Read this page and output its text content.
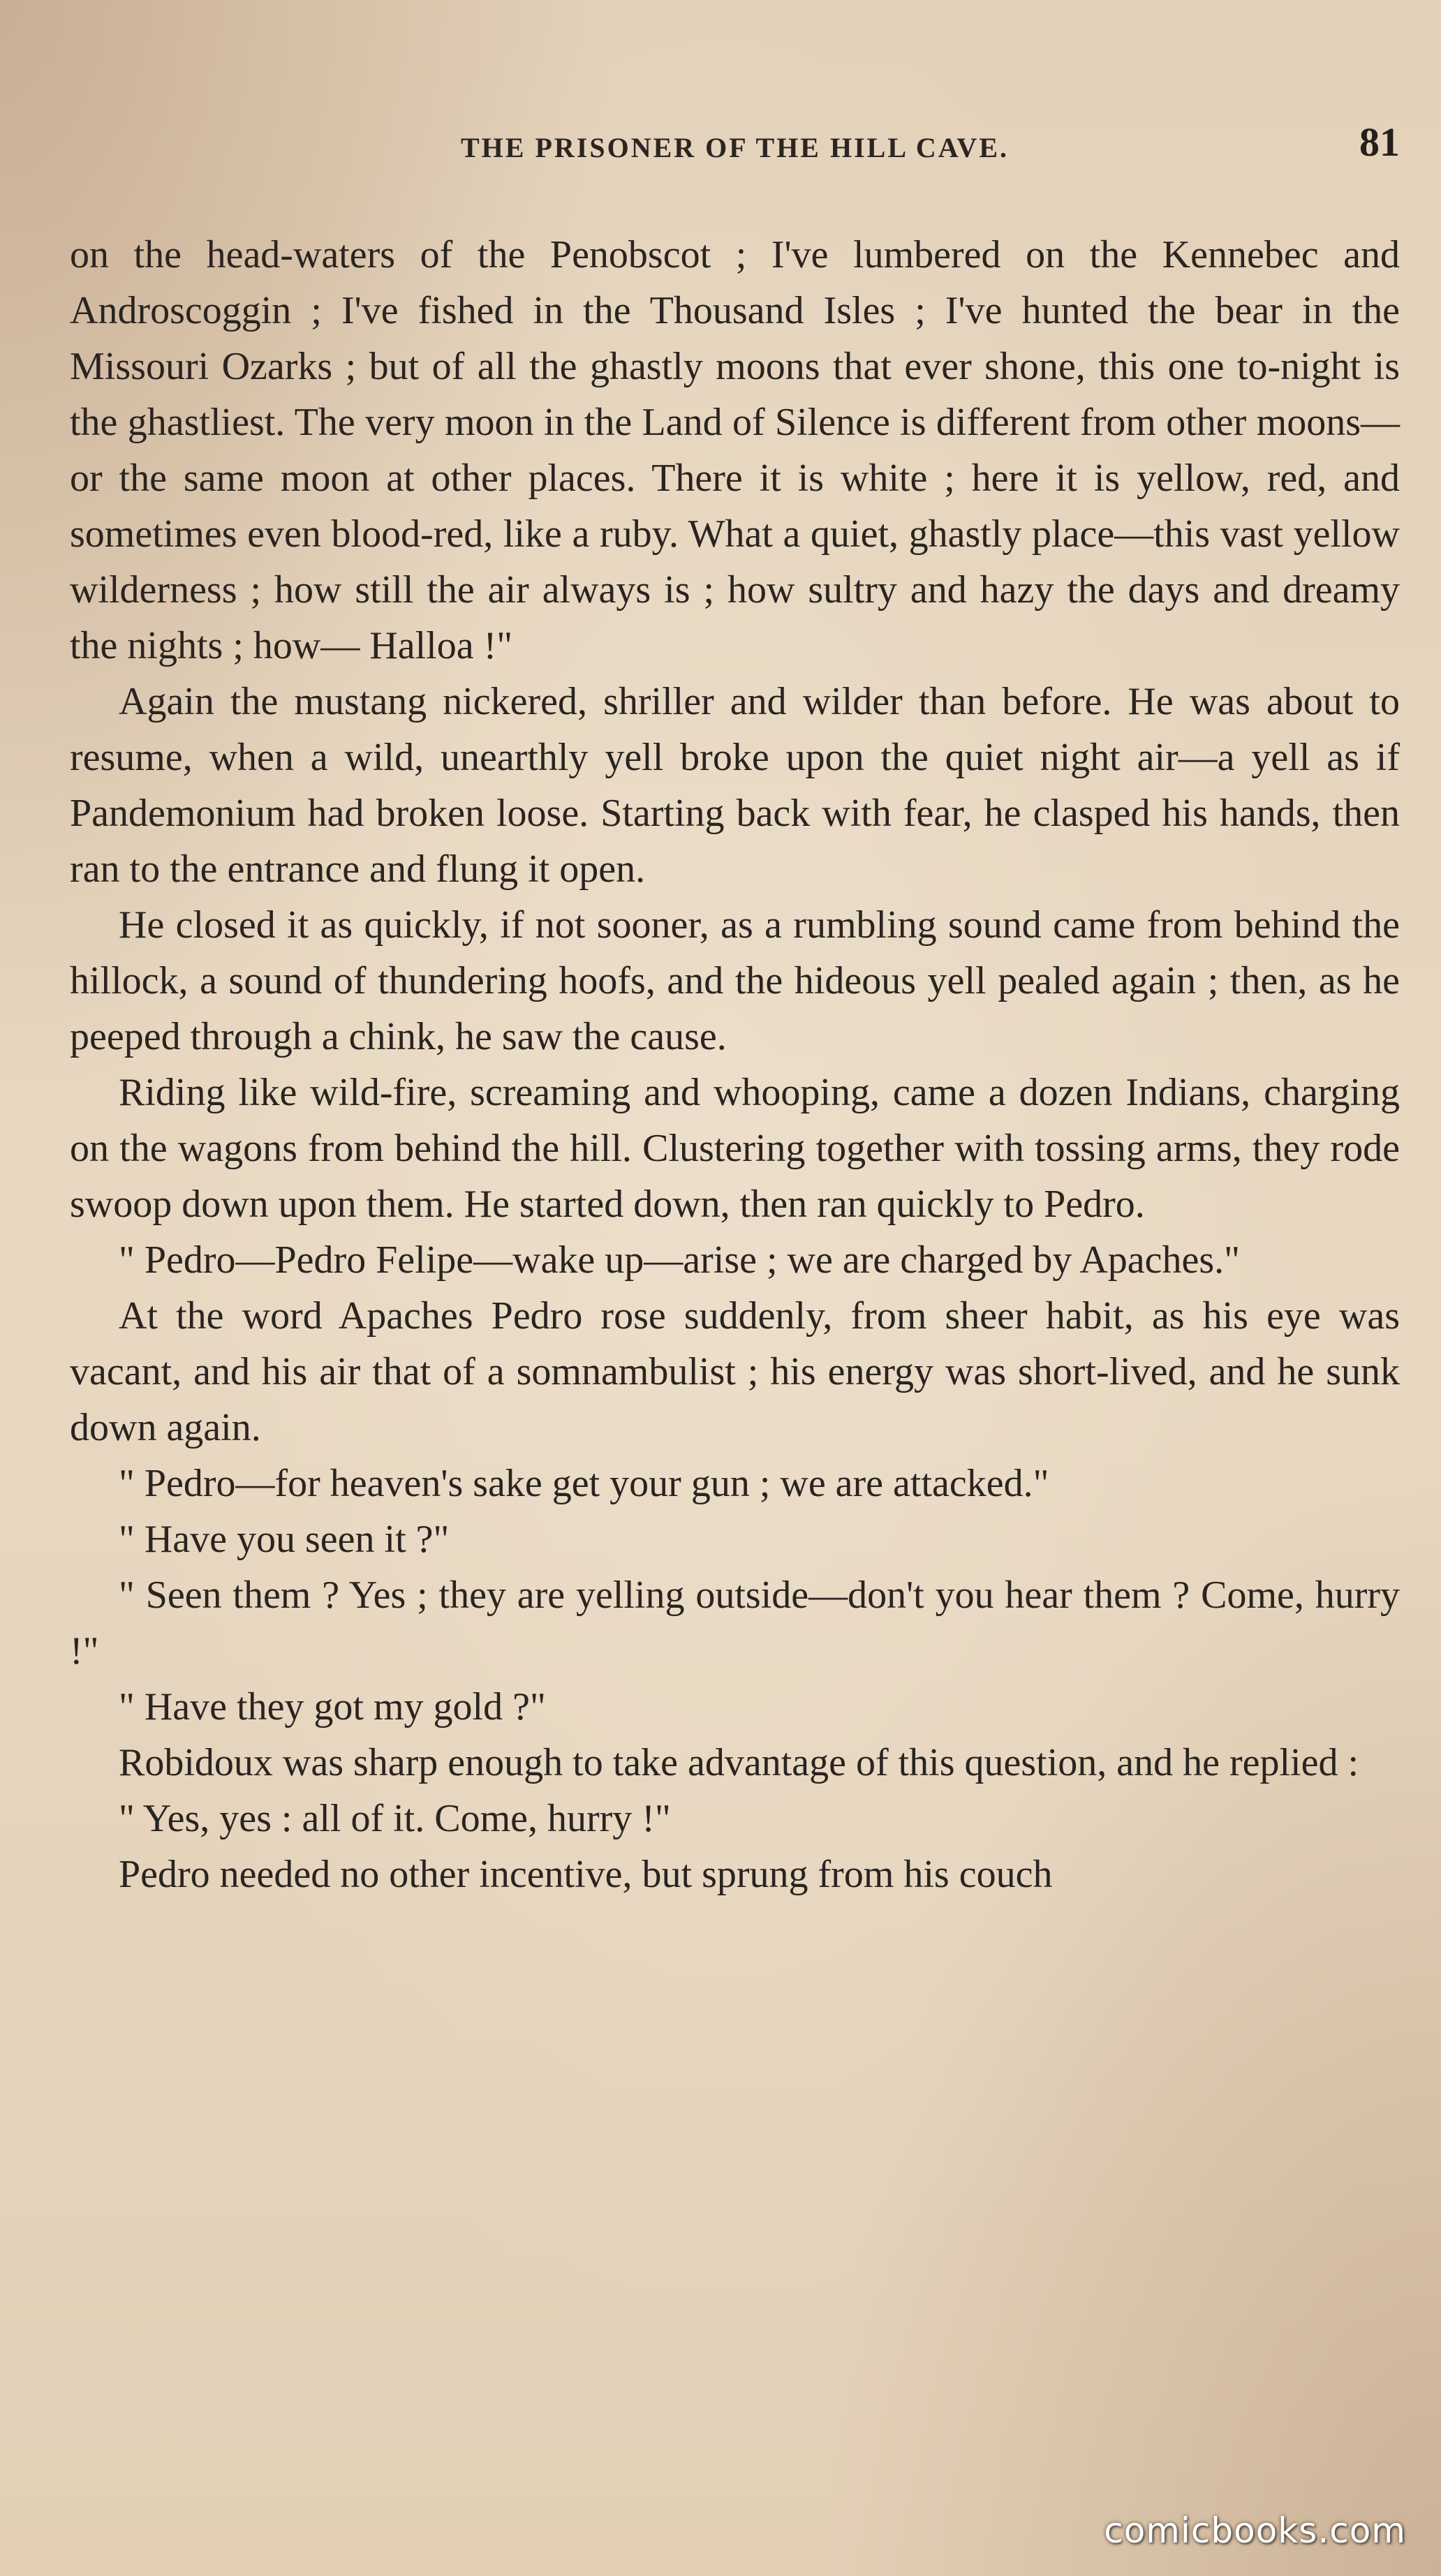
THE PRISONER OF THE HILL CAVE.	81

on the head-waters of the Penobscot ; I've lumbered on the Kennebec and Androscoggin ; I've fished in the Thousand Isles ; I've hunted the bear in the Missouri Ozarks ; but of all the ghastly moons that ever shone, this one to-night is the ghastliest. The very moon in the Land of Silence is different from other moons—or the same moon at other places. There it is white ; here it is yellow, red, and sometimes even blood-red, like a ruby. What a quiet, ghastly place—this vast yellow wilderness ; how still the air always is ; how sultry and hazy the days and dreamy the nights ; how— Halloa !"

Again the mustang nickered, shriller and wilder than before. He was about to resume, when a wild, unearthly yell broke upon the quiet night air—a yell as if Pandemonium had broken loose. Starting back with fear, he clasped his hands, then ran to the entrance and flung it open.

He closed it as quickly, if not sooner, as a rumbling sound came from behind the hillock, a sound of thundering hoofs, and the hideous yell pealed again ; then, as he peeped through a chink, he saw the cause.

Riding like wild-fire, screaming and whooping, came a dozen Indians, charging on the wagons from behind the hill. Clustering together with tossing arms, they rode swoop down upon them. He started down, then ran quickly to Pedro.

" Pedro—Pedro Felipe—wake up—arise ; we are charged by Apaches."

At the word Apaches Pedro rose suddenly, from sheer habit, as his eye was vacant, and his air that of a somnambulist ; his energy was short-lived, and he sunk down again.

" Pedro—for heaven's sake get your gun ; we are attacked."

" Have you seen it ?"

" Seen them ? Yes ; they are yelling outside—don't you hear them ? Come, hurry !"

" Have they got my gold ?"

Robidoux was sharp enough to take advantage of this question, and he replied :

" Yes, yes : all of it. Come, hurry !"

Pedro needed no other incentive, but sprung from his couch

comicbooks.com
